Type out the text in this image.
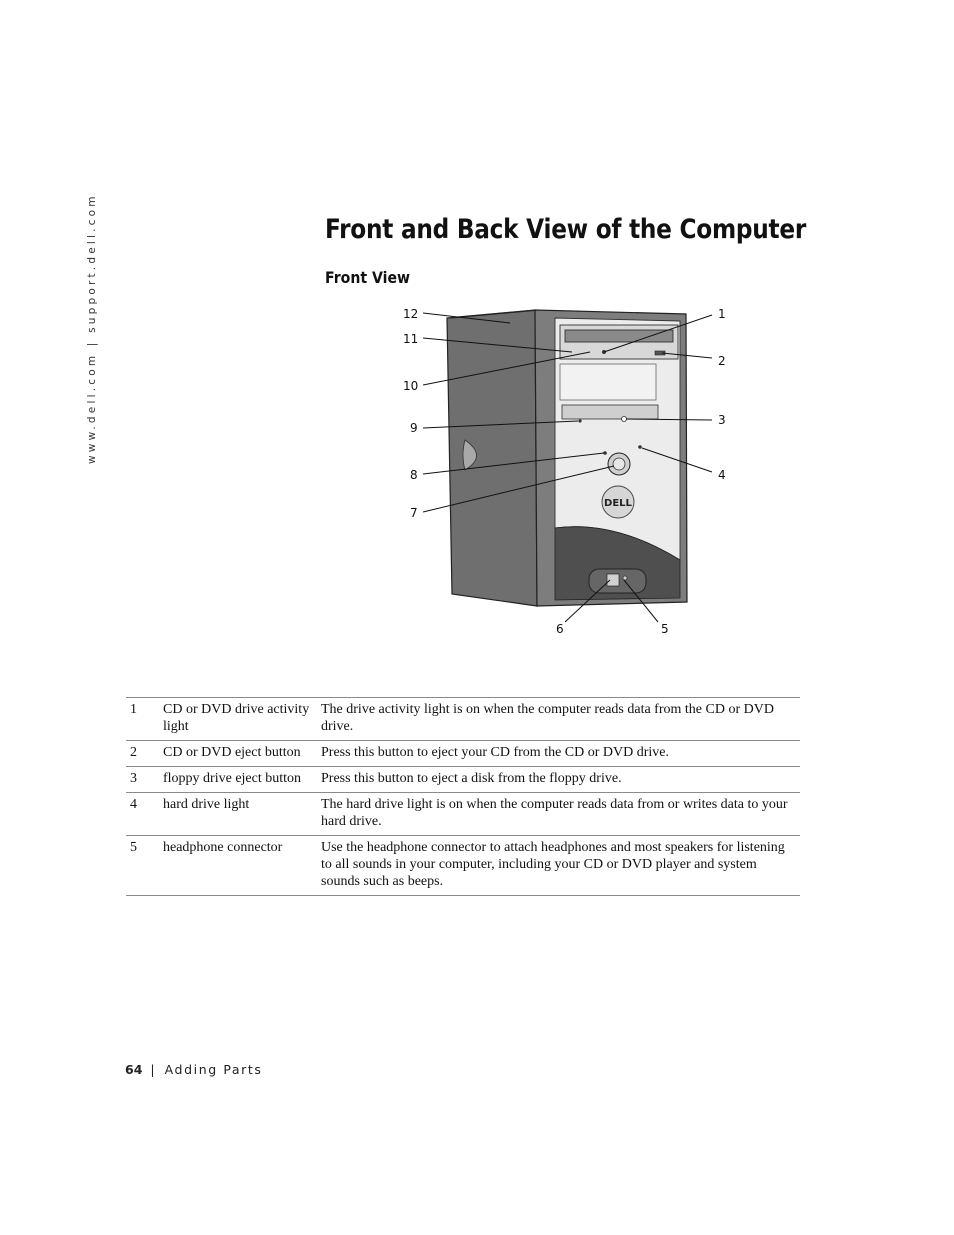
www.dell.com | support.dell.com	Front and Back View of the Computer
Front View
DELL
1
2
3
4
5
6
7
8
9
10
11
12
1	CD or DVD drive activity light	The drive activity light is on when the computer reads data from the CD or DVD drive.
2	CD or DVD eject button	Press this button to eject your CD from the CD or DVD drive.
3	floppy drive eject button	Press this button to eject a disk from the floppy drive.
4	hard drive light	The hard drive light is on when the computer reads data from or writes data to your hard drive.
5	headphone connector	Use the headphone connector to attach headphones and most speakers for listening to all sounds in your computer, including your CD or DVD player and system sounds such as beeps.
64 | Adding Parts
